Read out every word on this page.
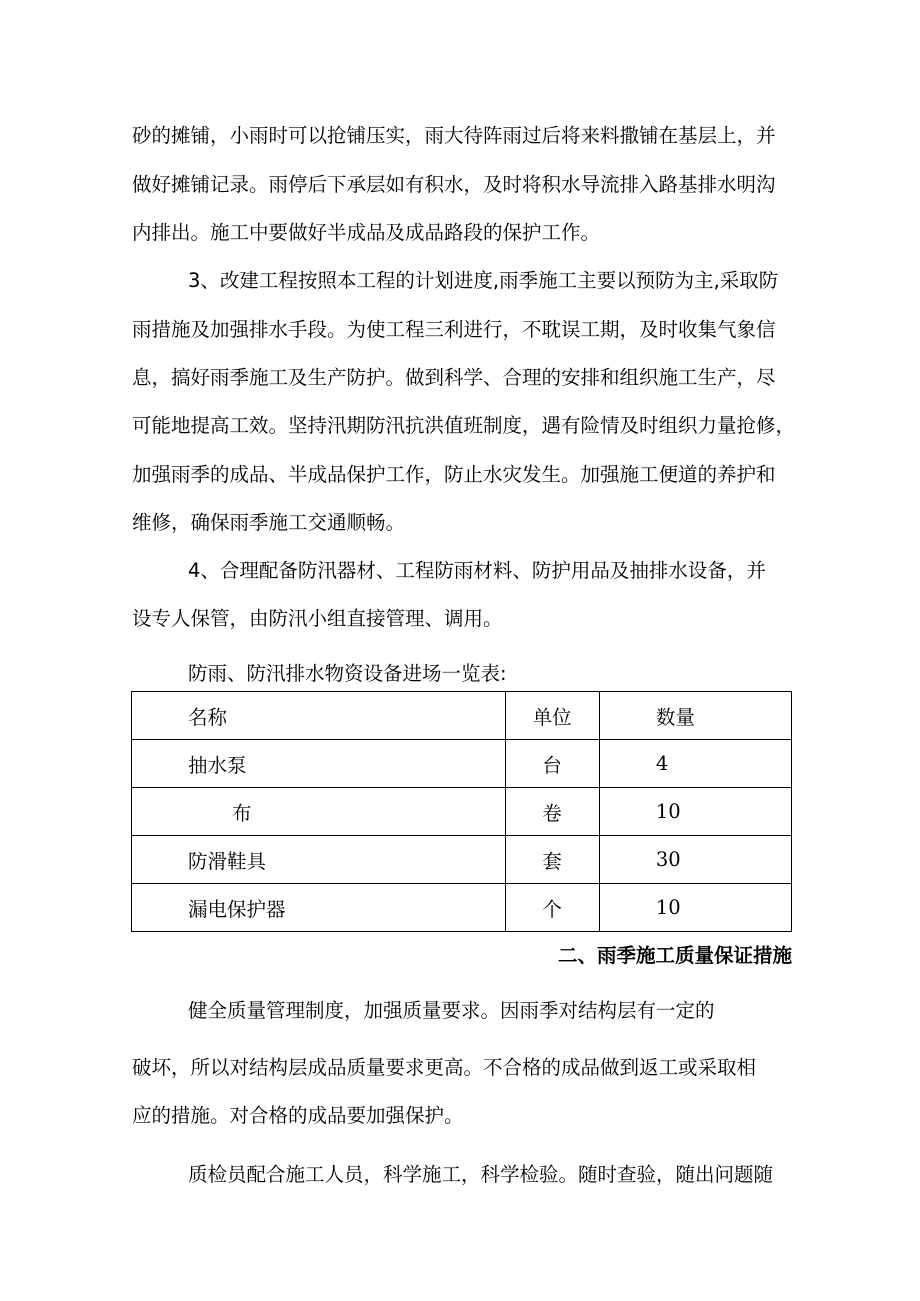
砂的摊铺，小雨时可以抢铺压实，雨大待阵雨过后将来料撒铺在基层上，并

做好摊铺记录。雨停后下承层如有积水，及时将积水导流排入路基排水明沟

内排出。施工中要做好半成品及成品路段的保护工作。

3、改建工程按照本工程的计划进度,雨季施工主要以预防为主,采取防

雨措施及加强排水手段。为使工程三利进行，不耽误工期，及时收集气象信

息，搞好雨季施工及生产防护。做到科学、合理的安排和组织施工生产，尽

可能地提高工效。坚持汛期防汛抗洪值班制度，遇有险情及时组织力量抢修，

加强雨季的成品、半成品保护工作，防止水灾发生。加强施工便道的养护和

维修，确保雨季施工交通顺畅。

4、合理配备防汛器材、工程防雨材料、防护用品及抽排水设备，并

设专人保管，由防汛小组直接管理、调用。

防雨、防汛排水物资设备进场一览表:

名称	单位	数量
抽水泵	台	4
布	卷	10
防滑鞋具	套	30
漏电保护器	个	10
二、雨季施工质量保证措施

健全质量管理制度，加强质量要求。因雨季对结构层有一定的

破坏，所以对结构层成品质量要求更高。不合格的成品做到返工或采取相

应的措施。对合格的成品要加强保护。

质检员配合施工人员，科学施工，科学检验。随时查验，随出问题随
